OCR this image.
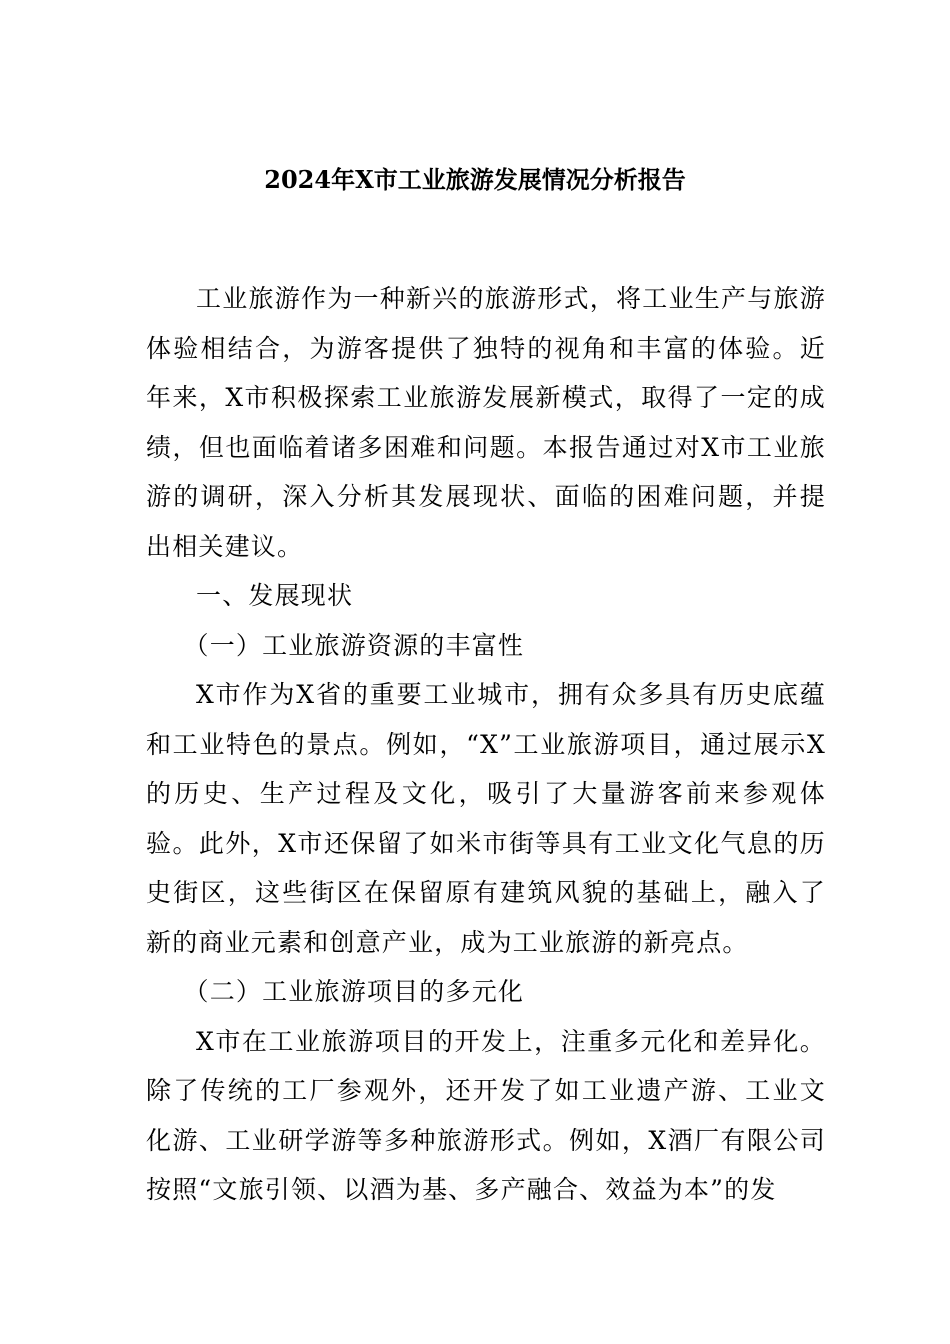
2024年X市工业旅游发展情况分析报告

工业旅游作为一种新兴的旅游形式，将工业生产与旅游体验相结合，为游客提供了独特的视角和丰富的体验。近年来，X市积极探索工业旅游发展新模式，取得了一定的成绩，但也面临着诸多困难和问题。本报告通过对X市工业旅游的调研，深入分析其发展现状、面临的困难问题，并提出相关建议。

一、发展现状

（一）工业旅游资源的丰富性

X市作为X省的重要工业城市，拥有众多具有历史底蕴和工业特色的景点。例如，“X”工业旅游项目，通过展示X的历史、生产过程及文化，吸引了大量游客前来参观体验。此外，X市还保留了如米市街等具有工业文化气息的历史街区，这些街区在保留原有建筑风貌的基础上，融入了新的商业元素和创意产业，成为工业旅游的新亮点。

（二）工业旅游项目的多元化

X市在工业旅游项目的开发上，注重多元化和差异化。除了传统的工厂参观外，还开发了如工业遗产游、工业文化游、工业研学游等多种旅游形式。例如，X酒厂有限公司按照“文旅引领、以酒为基、多产融合、效益为本”的发
